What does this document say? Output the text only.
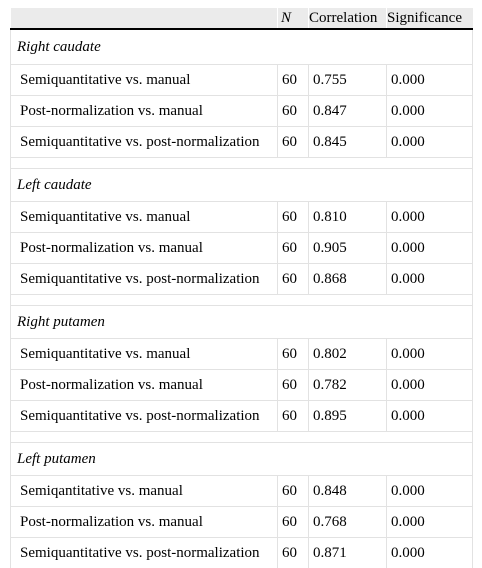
	N	Correlation	Significance
Right caudate			
Semiquantitative vs. manual	60	0.755	0.000
Post-normalization vs. manual	60	0.847	0.000
Semiquantitative vs. post-normalization	60	0.845	0.000

Left caudate			
Semiquantitative vs. manual	60	0.810	0.000
Post-normalization vs. manual	60	0.905	0.000
Semiquantitative vs. post-normalization	60	0.868	0.000

Right putamen			
Semiquantitative vs. manual	60	0.802	0.000
Post-normalization vs. manual	60	0.782	0.000
Semiquantitative vs. post-normalization	60	0.895	0.000

Left putamen			
Semiqantitative vs. manual	60	0.848	0.000
Post-normalization vs. manual	60	0.768	0.000
Semiquantitative vs. post-normalization	60	0.871	0.000
